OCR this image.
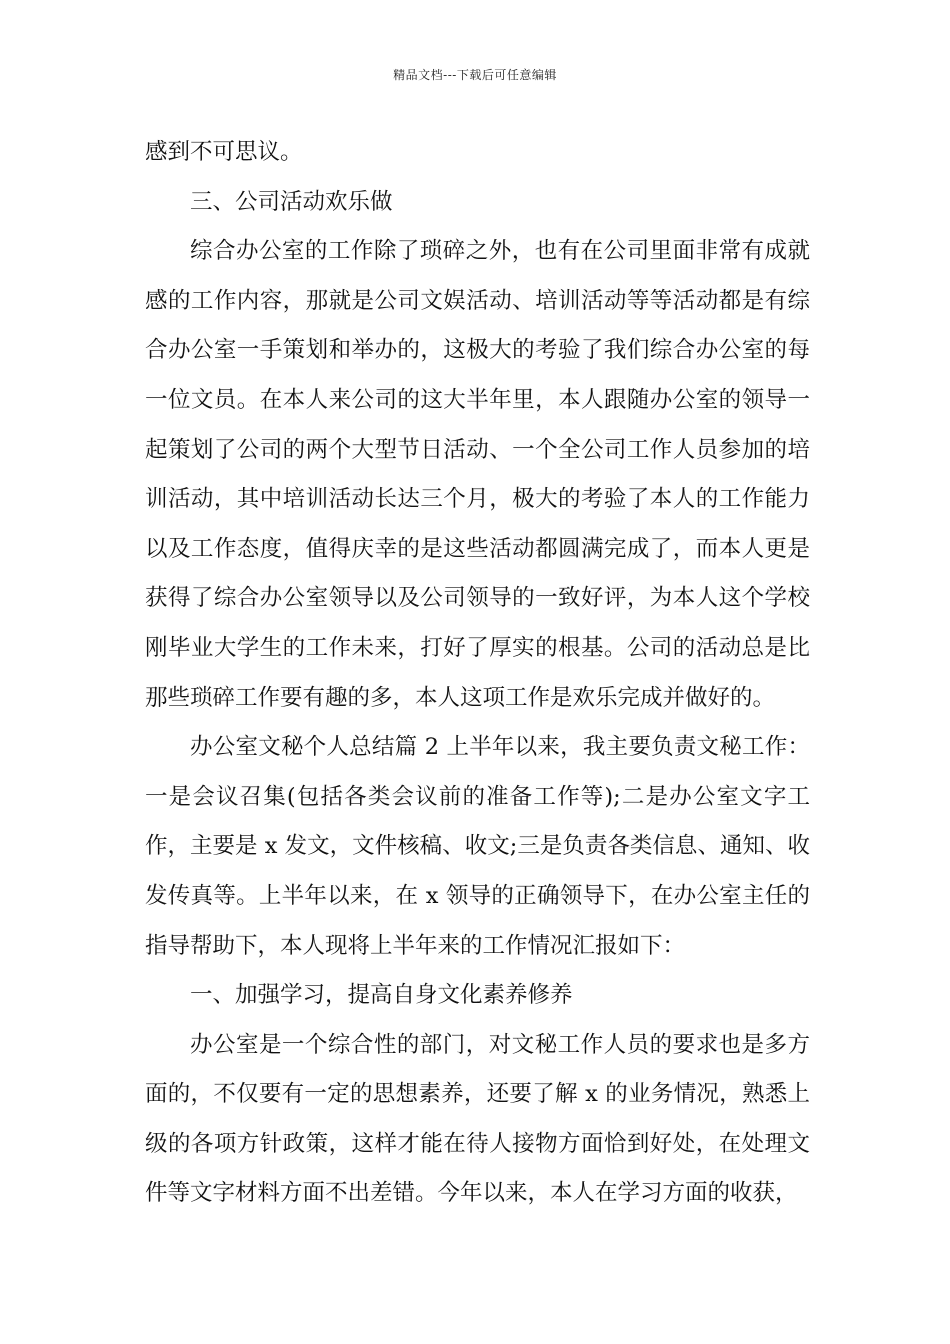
精品文档---下载后可任意编辑

感到不可思议。

三、公司活动欢乐做

综合办公室的工作除了琐碎之外，也有在公司里面非常有成就感的工作内容，那就是公司文娱活动、培训活动等等活动都是有综合办公室一手策划和举办的，这极大的考验了我们综合办公室的每一位文员。在本人来公司的这大半年里，本人跟随办公室的领导一起策划了公司的两个大型节日活动、一个全公司工作人员参加的培训活动，其中培训活动长达三个月，极大的考验了本人的工作能力以及工作态度，值得庆幸的是这些活动都圆满完成了，而本人更是获得了综合办公室领导以及公司领导的一致好评，为本人这个学校刚毕业大学生的工作未来，打好了厚实的根基。公司的活动总是比那些琐碎工作要有趣的多，本人这项工作是欢乐完成并做好的。

办公室文秘个人总结篇 2 上半年以来，我主要负责文秘工作：一是会议召集(包括各类会议前的准备工作等);二是办公室文字工作，主要是 x 发文，文件核稿、收文;三是负责各类信息、通知、收发传真等。上半年以来，在 x 领导的正确领导下，在办公室主任的指导帮助下，本人现将上半年来的工作情况汇报如下：

一、加强学习，提高自身文化素养修养

办公室是一个综合性的部门，对文秘工作人员的要求也是多方面的，不仅要有一定的思想素养，还要了解 x 的业务情况，熟悉上级的各项方针政策，这样才能在待人接物方面恰到好处，在处理文件等文字材料方面不出差错。今年以来，本人在学习方面的收获，
